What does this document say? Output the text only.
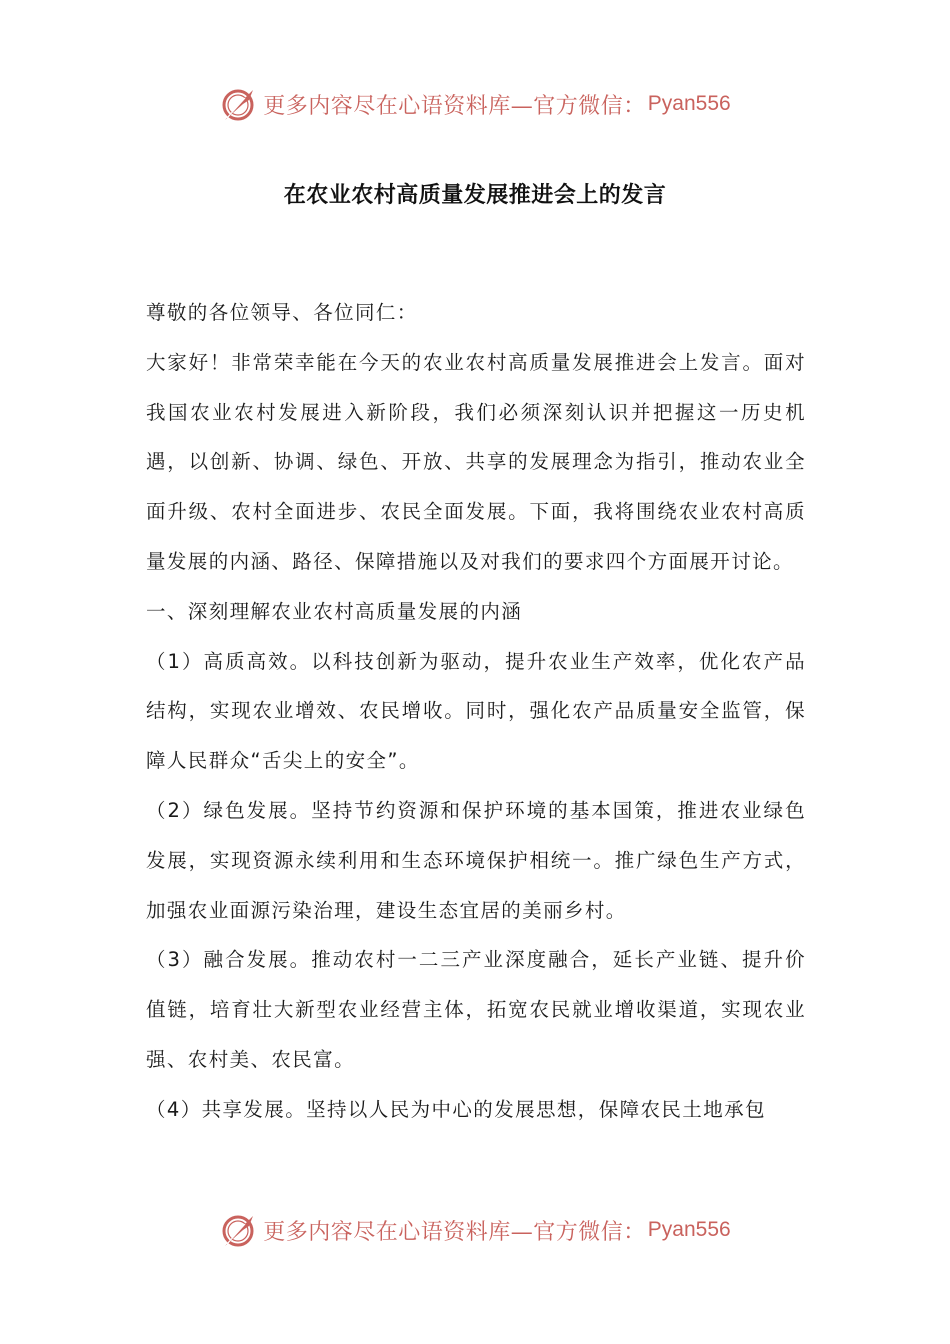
更多内容尽在心语资料库—官方微信： Pyan556
在农业农村高质量发展推进会上的发言

尊敬的各位领导、各位同仁：

大家好！非常荣幸能在今天的农业农村高质量发展推进会上发言。面对我国农业农村发展进入新阶段，我们必须深刻认识并把握这一历史机遇，以创新、协调、绿色、开放、共享的发展理念为指引，推动农业全面升级、农村全面进步、农民全面发展。下面，我将围绕农业农村高质量发展的内涵、路径、保障措施以及对我们的要求四个方面展开讨论。

一、深刻理解农业农村高质量发展的内涵

（1）高质高效。以科技创新为驱动，提升农业生产效率，优化农产品结构，实现农业增效、农民增收。同时，强化农产品质量安全监管，保障人民群众“舌尖上的安全”。

（2）绿色发展。坚持节约资源和保护环境的基本国策，推进农业绿色发展，实现资源永续利用和生态环境保护相统一。推广绿色生产方式，加强农业面源污染治理，建设生态宜居的美丽乡村。

（3）融合发展。推动农村一二三产业深度融合，延长产业链、提升价值链，培育壮大新型农业经营主体，拓宽农民就业增收渠道，实现农业强、农村美、农民富。

（4）共享发展。坚持以人民为中心的发展思想，保障农民土地承包

更多内容尽在心语资料库—官方微信： Pyan556
